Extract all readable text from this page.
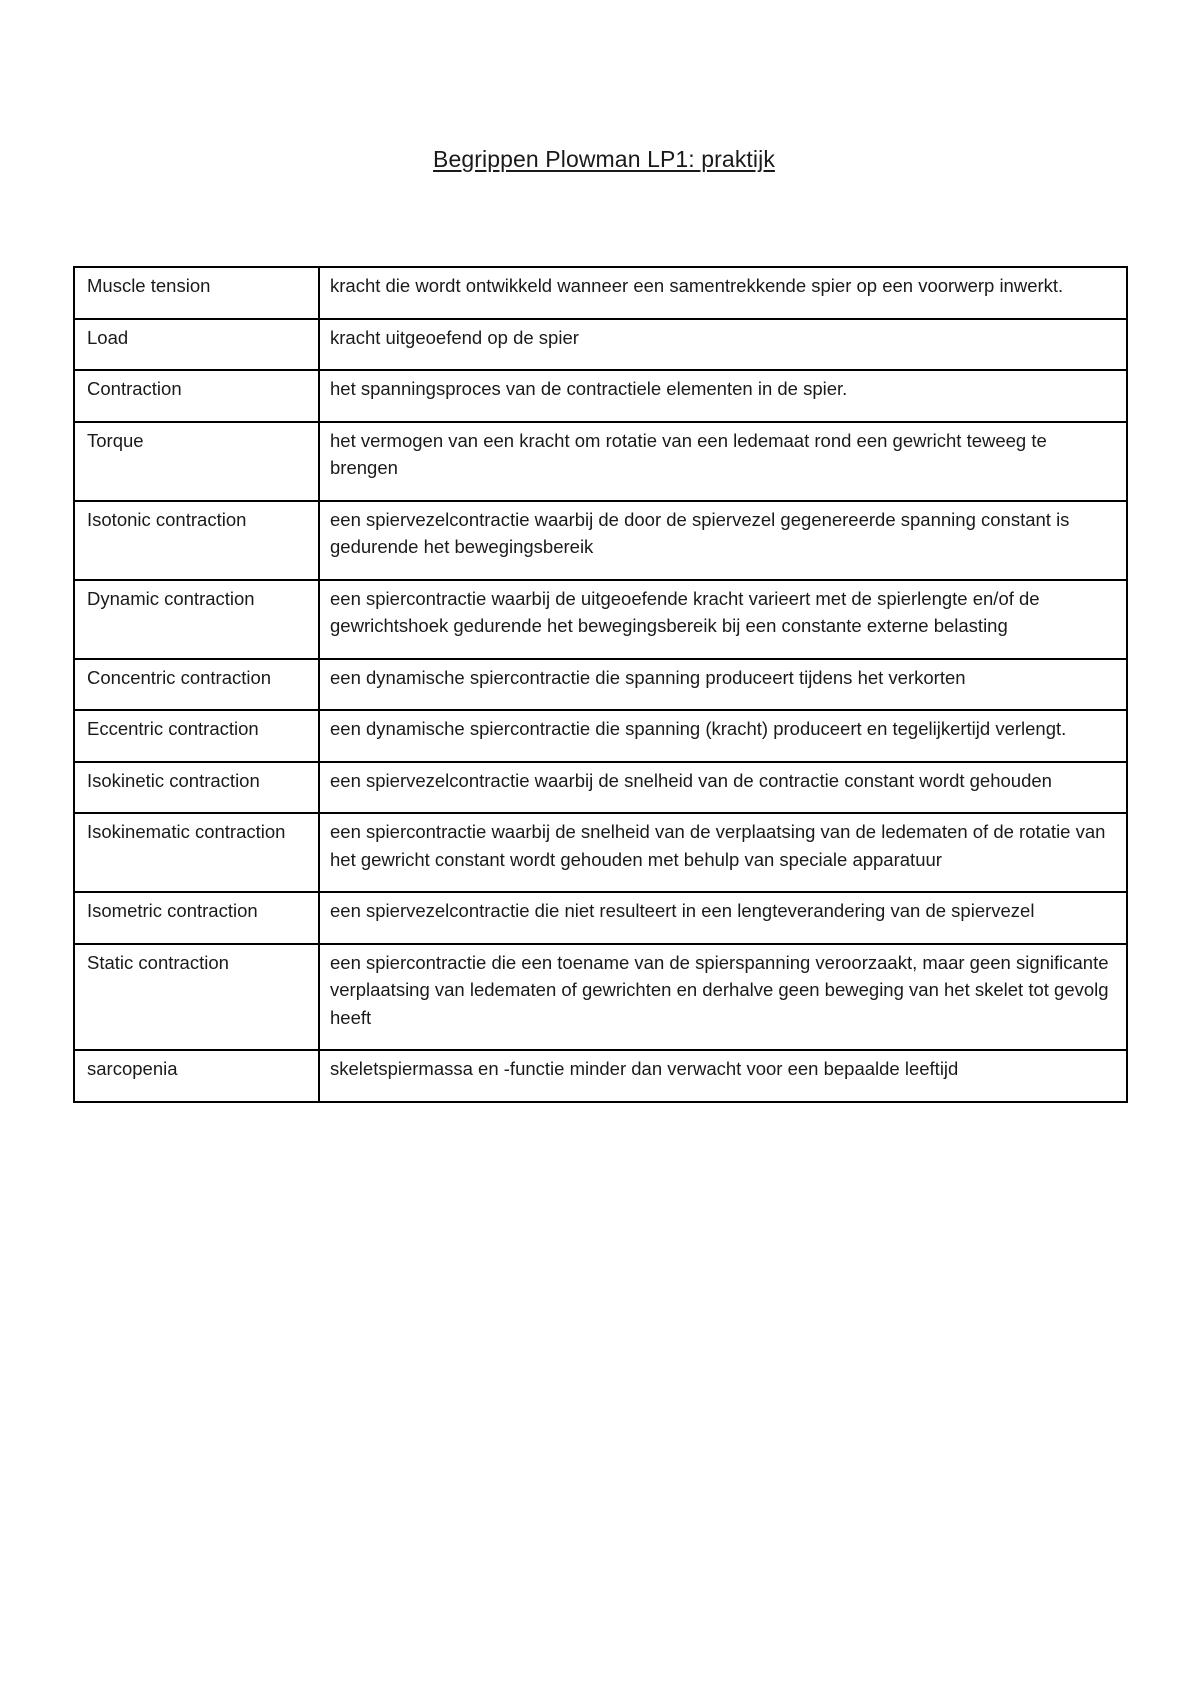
Begrippen Plowman LP1: praktijk
Muscle tension	kracht die wordt ontwikkeld wanneer een samentrekkende spier op een voorwerp inwerkt.
Load	kracht uitgeoefend op de spier
Contraction	het spanningsproces van de contractiele elementen in de spier.
Torque	het vermogen van een kracht om rotatie van een ledemaat rond een gewricht teweeg te brengen
Isotonic contraction	een spiervezelcontractie waarbij de door de spiervezel gegenereerde spanning constant is gedurende het bewegingsbereik
Dynamic contraction	een spiercontractie waarbij de uitgeoefende kracht varieert met de spierlengte en/of de gewrichtshoek gedurende het bewegingsbereik bij een constante externe belasting
Concentric contraction	een dynamische spiercontractie die spanning produceert tijdens het verkorten
Eccentric contraction	een dynamische spiercontractie die spanning (kracht) produceert en tegelijkertijd verlengt.
Isokinetic contraction	een spiervezelcontractie waarbij de snelheid van de contractie constant wordt gehouden
Isokinematic contraction	een spiercontractie waarbij de snelheid van de verplaatsing van de ledematen of de rotatie van het gewricht constant wordt gehouden met behulp van speciale apparatuur
Isometric contraction	een spiervezelcontractie die niet resulteert in een lengteverandering van de spiervezel
Static contraction	een spiercontractie die een toename van de spierspanning veroorzaakt, maar geen significante verplaatsing van ledematen of gewrichten en derhalve geen beweging van het skelet tot gevolg heeft
sarcopenia	skeletspiermassa en -functie minder dan verwacht voor een bepaalde leeftijd
